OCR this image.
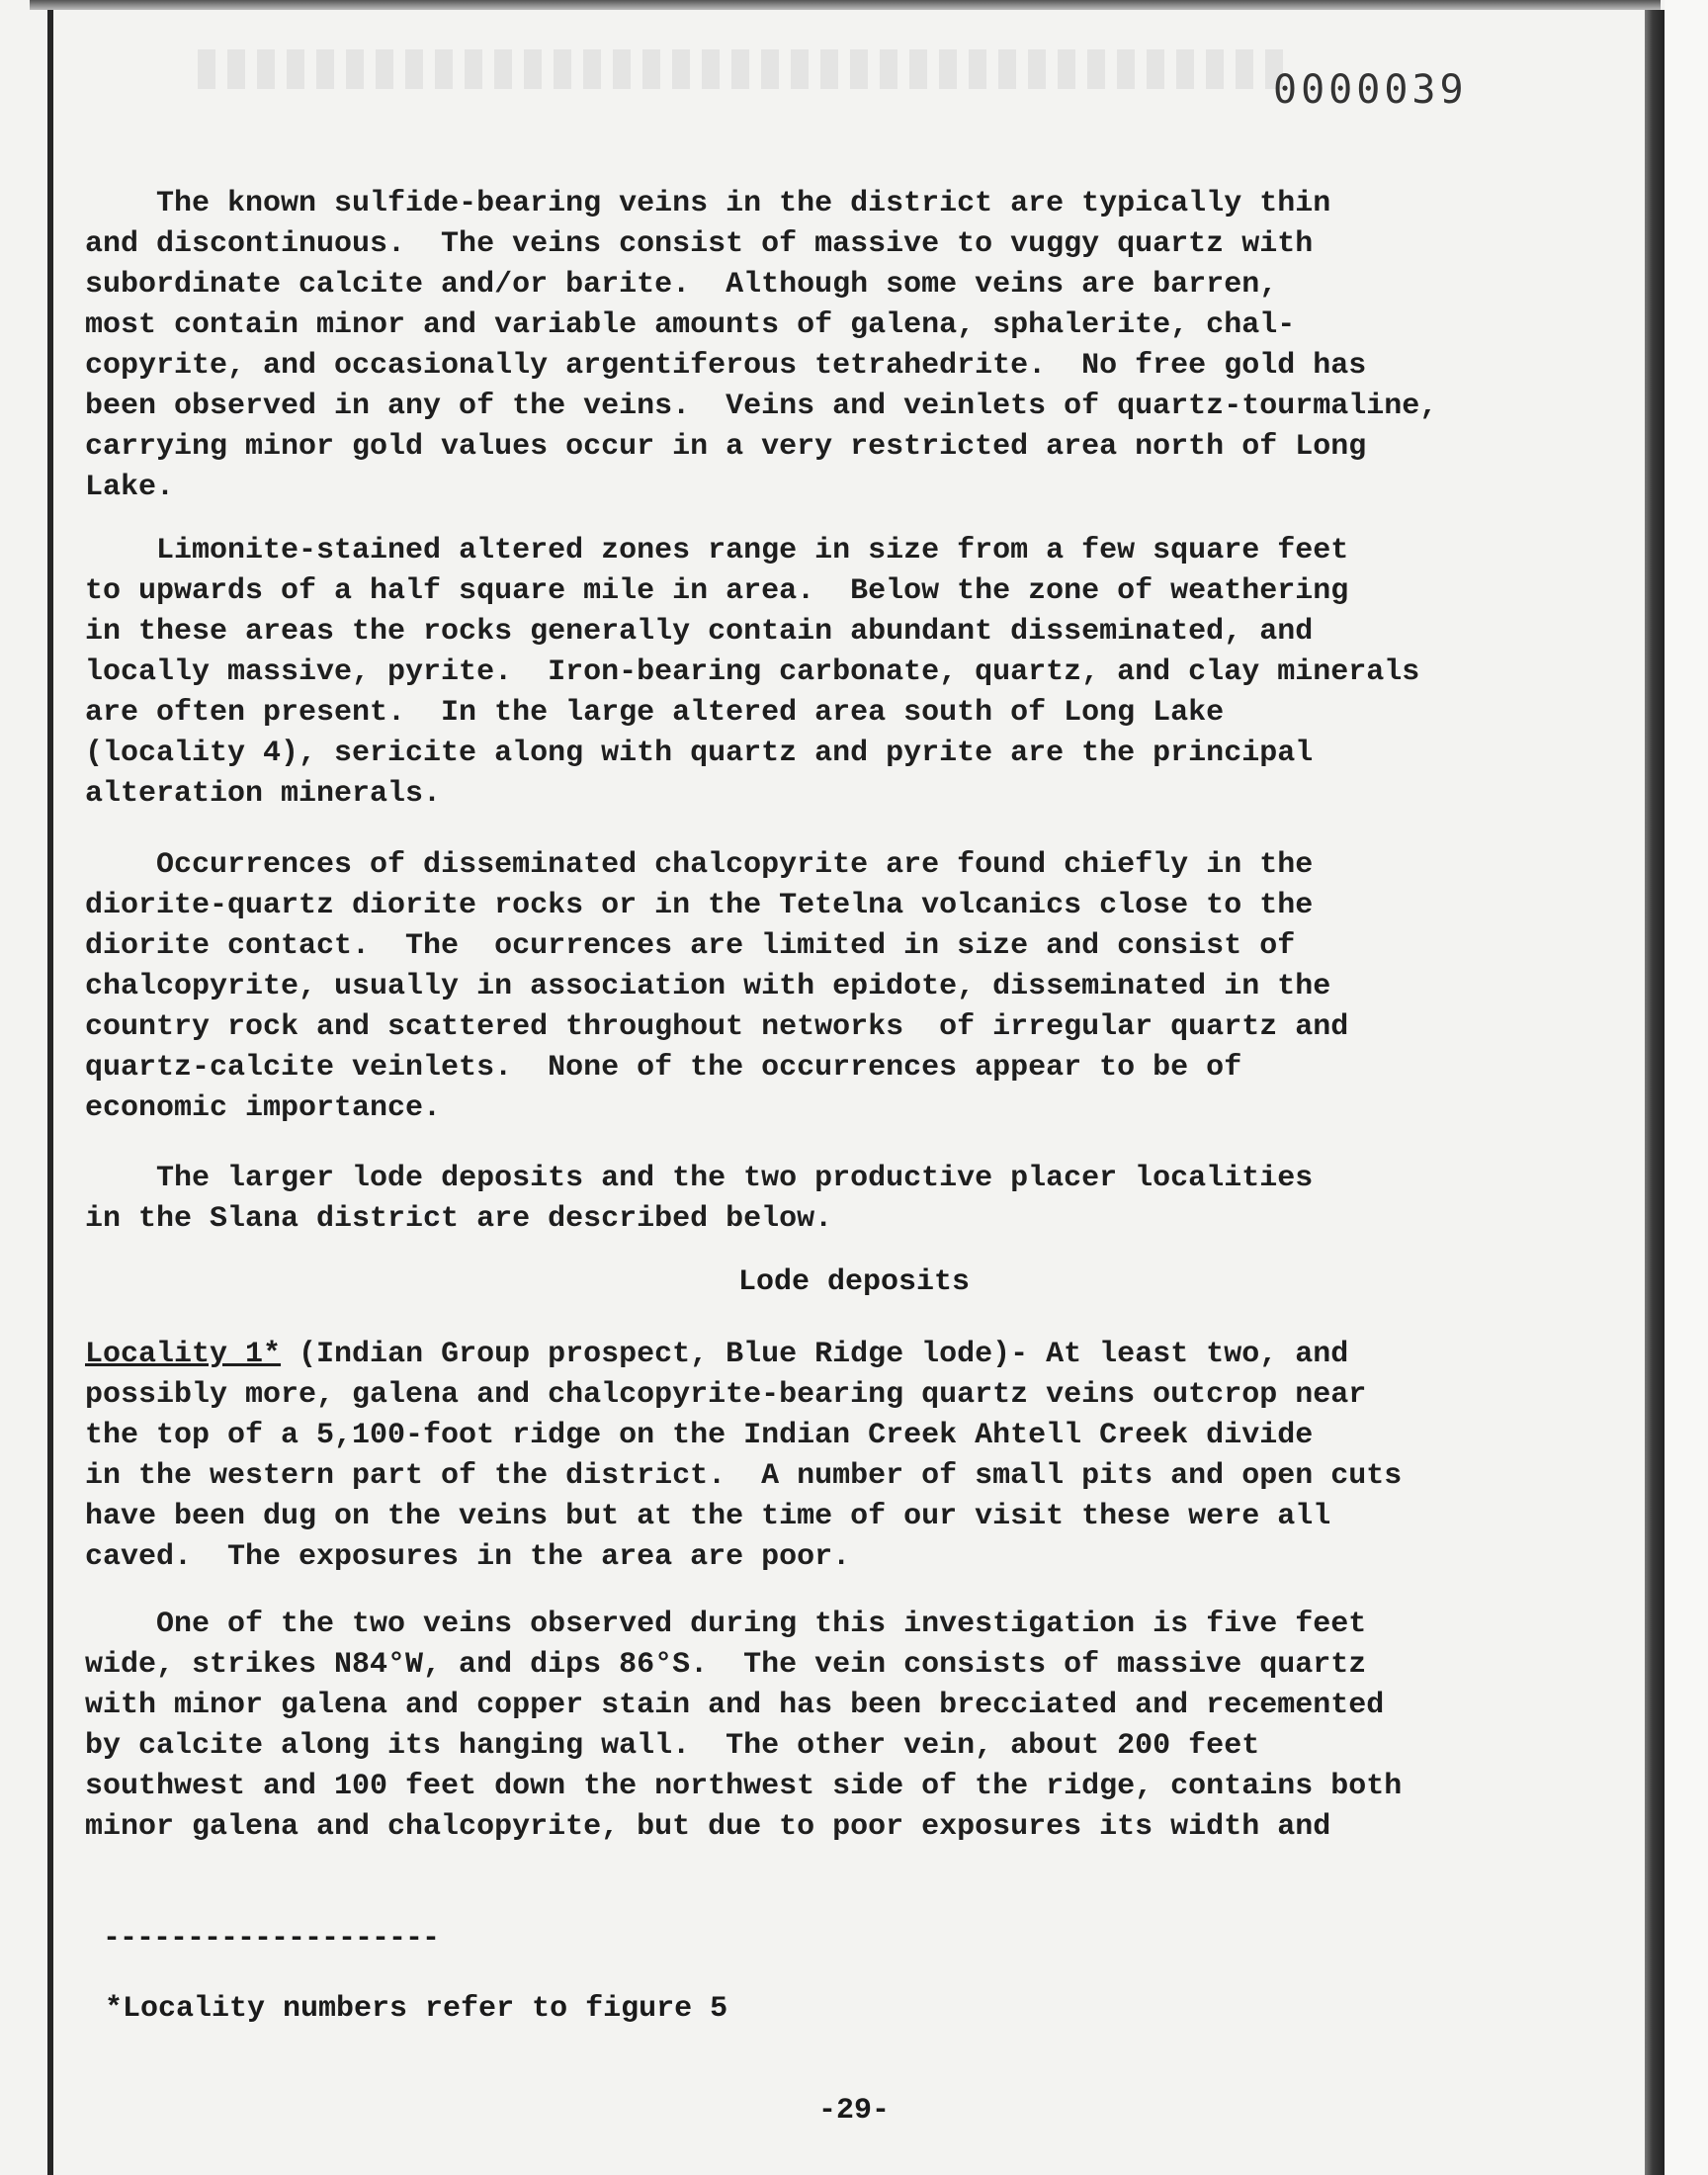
0000039

The known sulfide-bearing veins in the district are typically thin
and discontinuous.  The veins consist of massive to vuggy quartz with
subordinate calcite and/or barite.  Although some veins are barren,
most contain minor and variable amounts of galena, sphalerite, chal-
copyrite, and occasionally argentiferous tetrahedrite.  No free gold has
been observed in any of the veins.  Veins and veinlets of quartz-tourmaline,
carrying minor gold values occur in a very restricted area north of Long
Lake.

Limonite-stained altered zones range in size from a few square feet
to upwards of a half square mile in area.  Below the zone of weathering
in these areas the rocks generally contain abundant disseminated, and
locally massive, pyrite.  Iron-bearing carbonate, quartz, and clay minerals
are often present.  In the large altered area south of Long Lake
(locality 4), sericite along with quartz and pyrite are the principal
alteration minerals.

Occurrences of disseminated chalcopyrite are found chiefly in the
diorite-quartz diorite rocks or in the Tetelna volcanics close to the
diorite contact.  The  ocurrences are limited in size and consist of
chalcopyrite, usually in association with epidote, disseminated in the
country rock and scattered throughout networks  of irregular quartz and
quartz-calcite veinlets.  None of the occurrences appear to be of
economic importance.

The larger lode deposits and the two productive placer localities
in the Slana district are described below.

Lode deposits

Locality 1* (Indian Group prospect, Blue Ridge lode)- At least two, and
possibly more, galena and chalcopyrite-bearing quartz veins outcrop near
the top of a 5,100-foot ridge on the Indian Creek Ahtell Creek divide
in the western part of the district.  A number of small pits and open cuts
have been dug on the veins but at the time of our visit these were all
caved.  The exposures in the area are poor.

One of the two veins observed during this investigation is five feet
wide, strikes N84°W, and dips 86°S.  The vein consists of massive quartz
with minor galena and copper stain and has been brecciated and recemented
by calcite along its hanging wall.  The other vein, about 200 feet
southwest and 100 feet down the northwest side of the ridge, contains both
minor galena and chalcopyrite, but due to poor exposures its width and

--------------------

*Locality numbers refer to figure 5

-29-
